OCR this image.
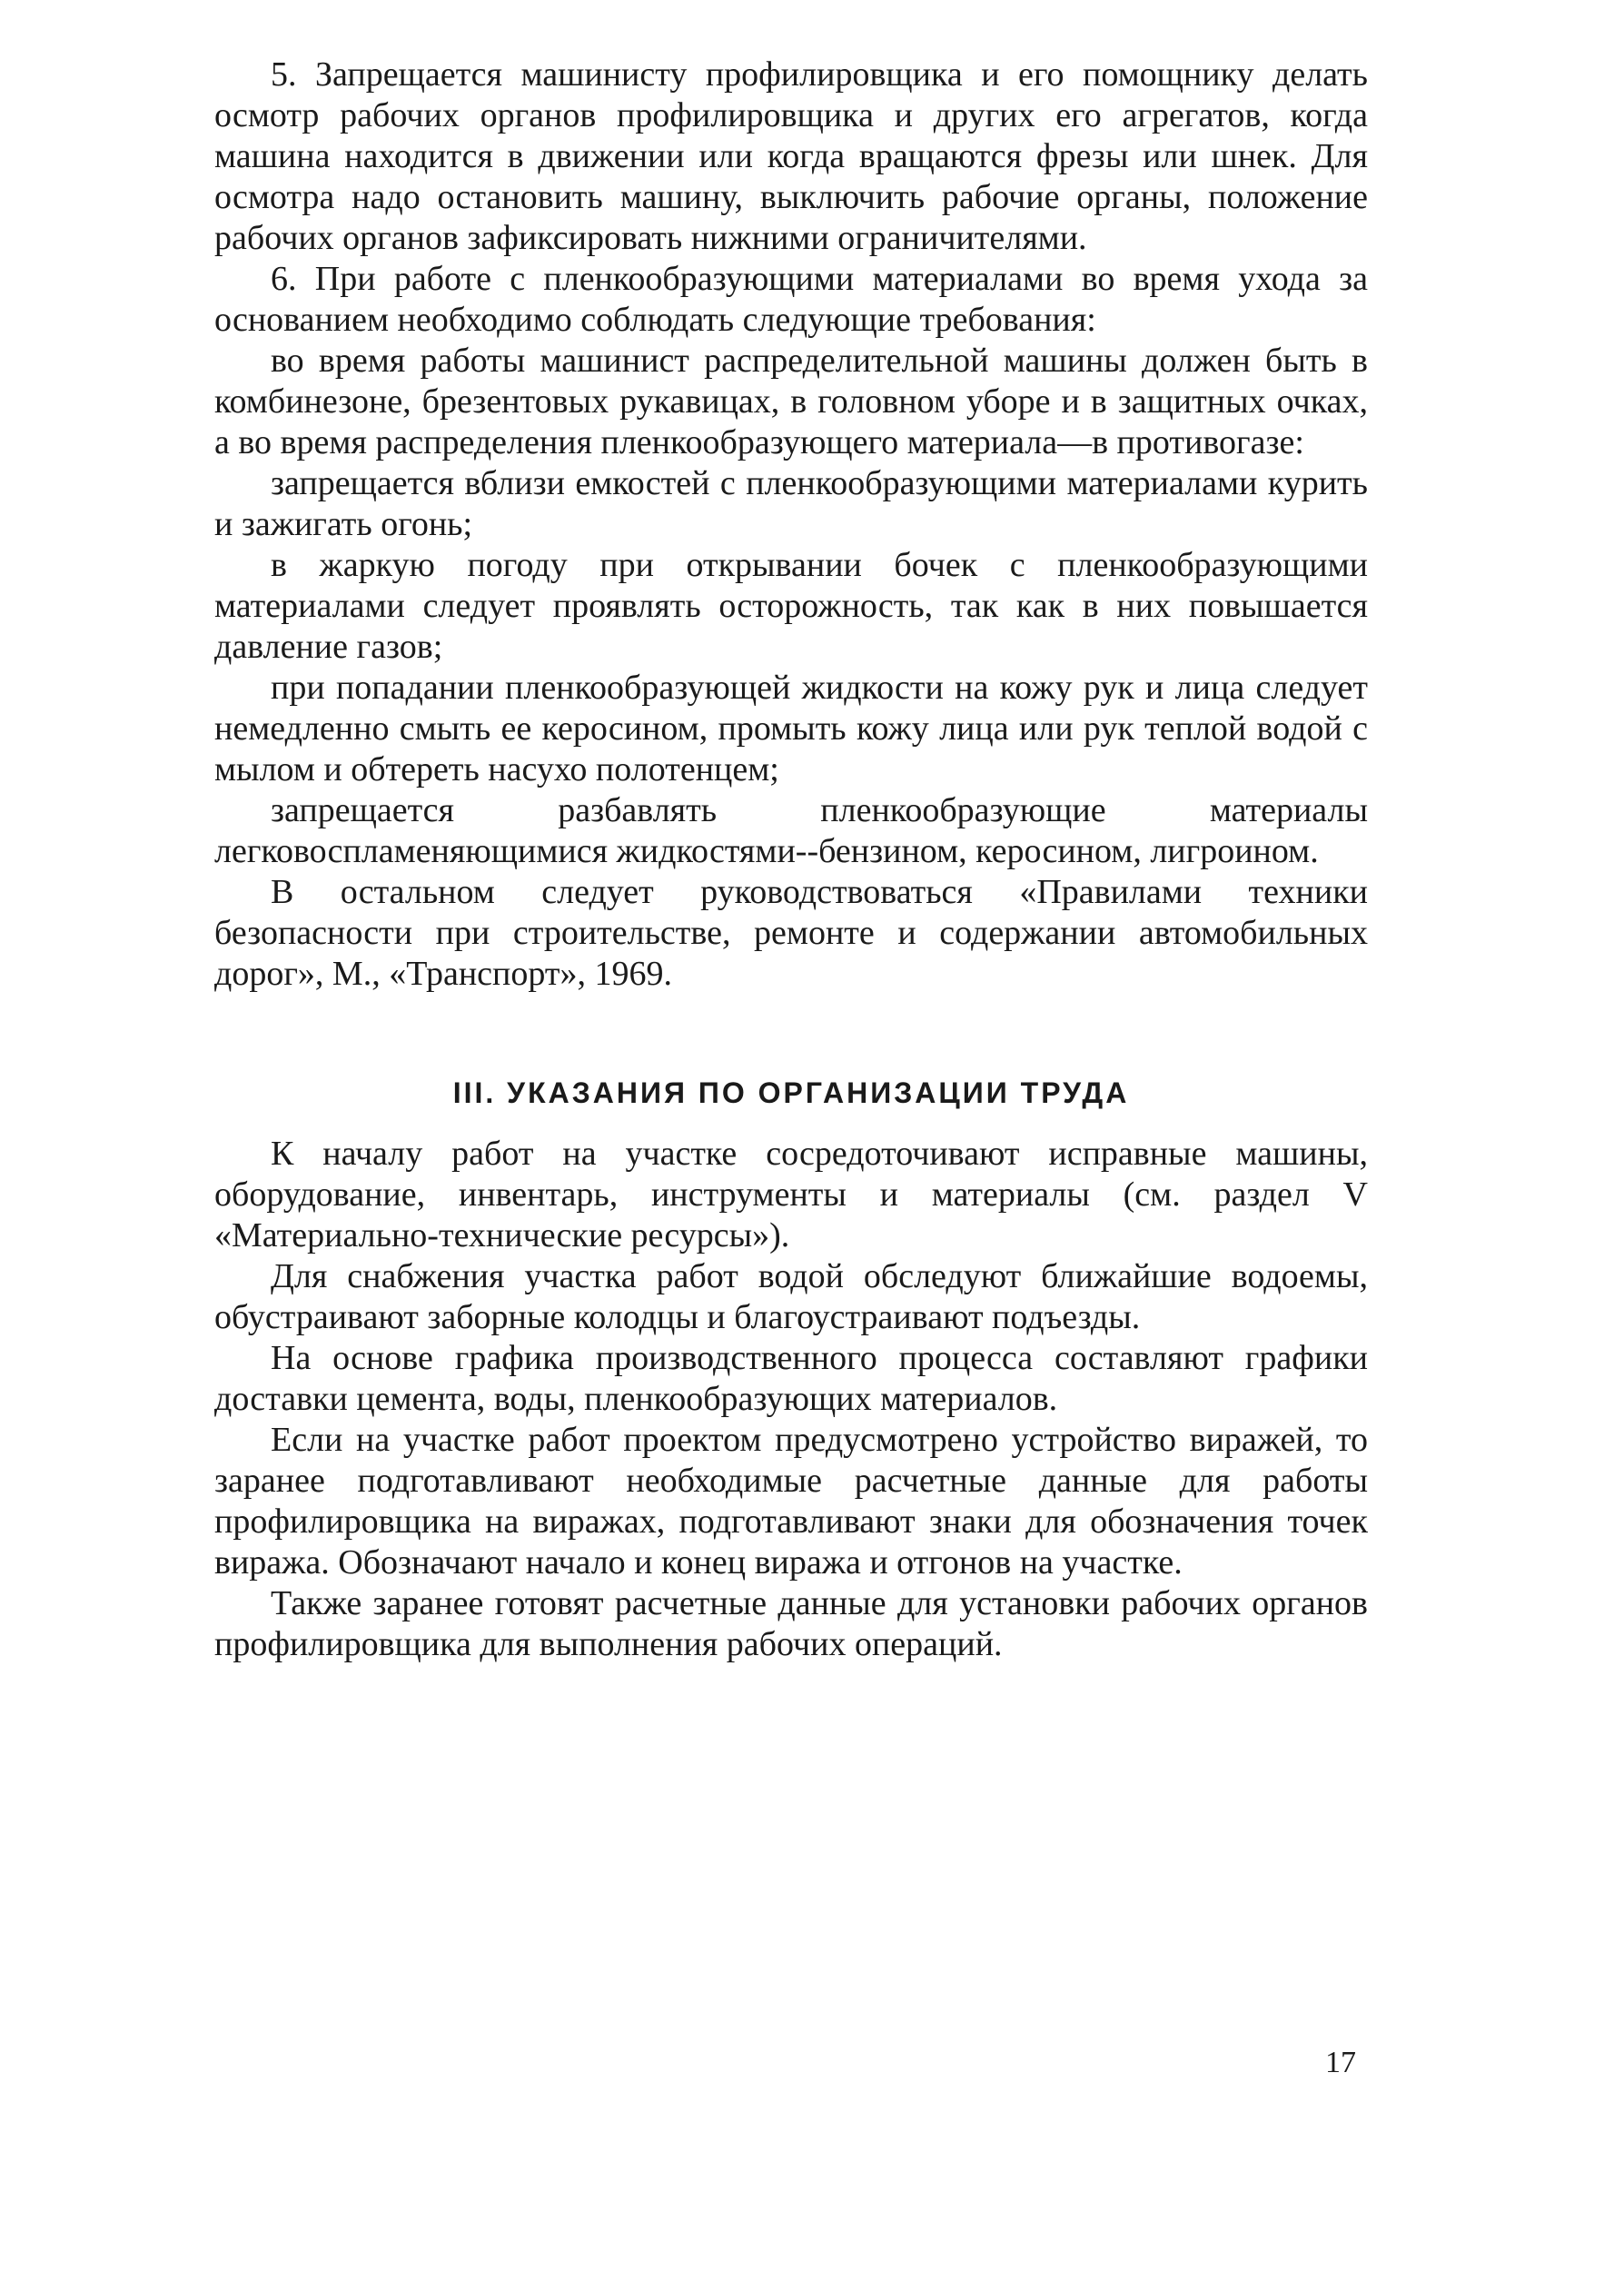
5. Запрещается машинисту профилировщика и его помощнику делать осмотр рабочих органов профилировщика и других его агрегатов, когда машина находится в движении или когда вращаются фрезы или шнек. Для осмотра надо остановить машину, выключить рабочие органы, положение рабочих органов зафиксировать нижними ограничителями.

6. При работе с пленкообразующими материалами во время ухода за основанием необходимо соблюдать следующие требования:

во время работы машинист распределительной машины должен быть в комбинезоне, брезентовых рукавицах, в головном уборе и в защитных очках, а во время распределения пленкообразующего материала—в противогазе:

запрещается вблизи емкостей с пленкообразующими материалами курить и зажигать огонь;

в жаркую погоду при открывании бочек с пленкообразующими материалами следует проявлять осторожность, так как в них повышается давление газов;

при попадании пленкообразующей жидкости на кожу рук и лица следует немедленно смыть ее керосином, промыть кожу лица или рук теплой водой с мылом и обтереть насухо полотенцем;

запрещается разбавлять пленкообразующие материалы легковоспламеняющимися жидкостями--бензином, керосином, лигроином.

В остальном следует руководствоваться «Правилами техники безопасности при строительстве, ремонте и содержании автомобильных дорог», М., «Транспорт», 1969.

III. УКАЗАНИЯ ПО ОРГАНИЗАЦИИ ТРУДА

К началу работ на участке сосредоточивают исправные машины, оборудование, инвентарь, инструменты и материалы (см. раздел V «Материально-технические ресурсы»).

Для снабжения участка работ водой обследуют ближайшие водоемы, обустраивают заборные колодцы и благоустраивают подъезды.

На основе графика производственного процесса составляют графики доставки цемента, воды, пленкообразующих материалов.

Если на участке работ проектом предусмотрено устройство виражей, то заранее подготавливают необходимые расчетные данные для работы профилировщика на виражах, подготавливают знаки для обозначения точек виража. Обозначают начало и конец виража и отгонов на участке.

Также заранее готовят расчетные данные для установки рабочих органов профилировщика для выполнения рабочих операций.

17
